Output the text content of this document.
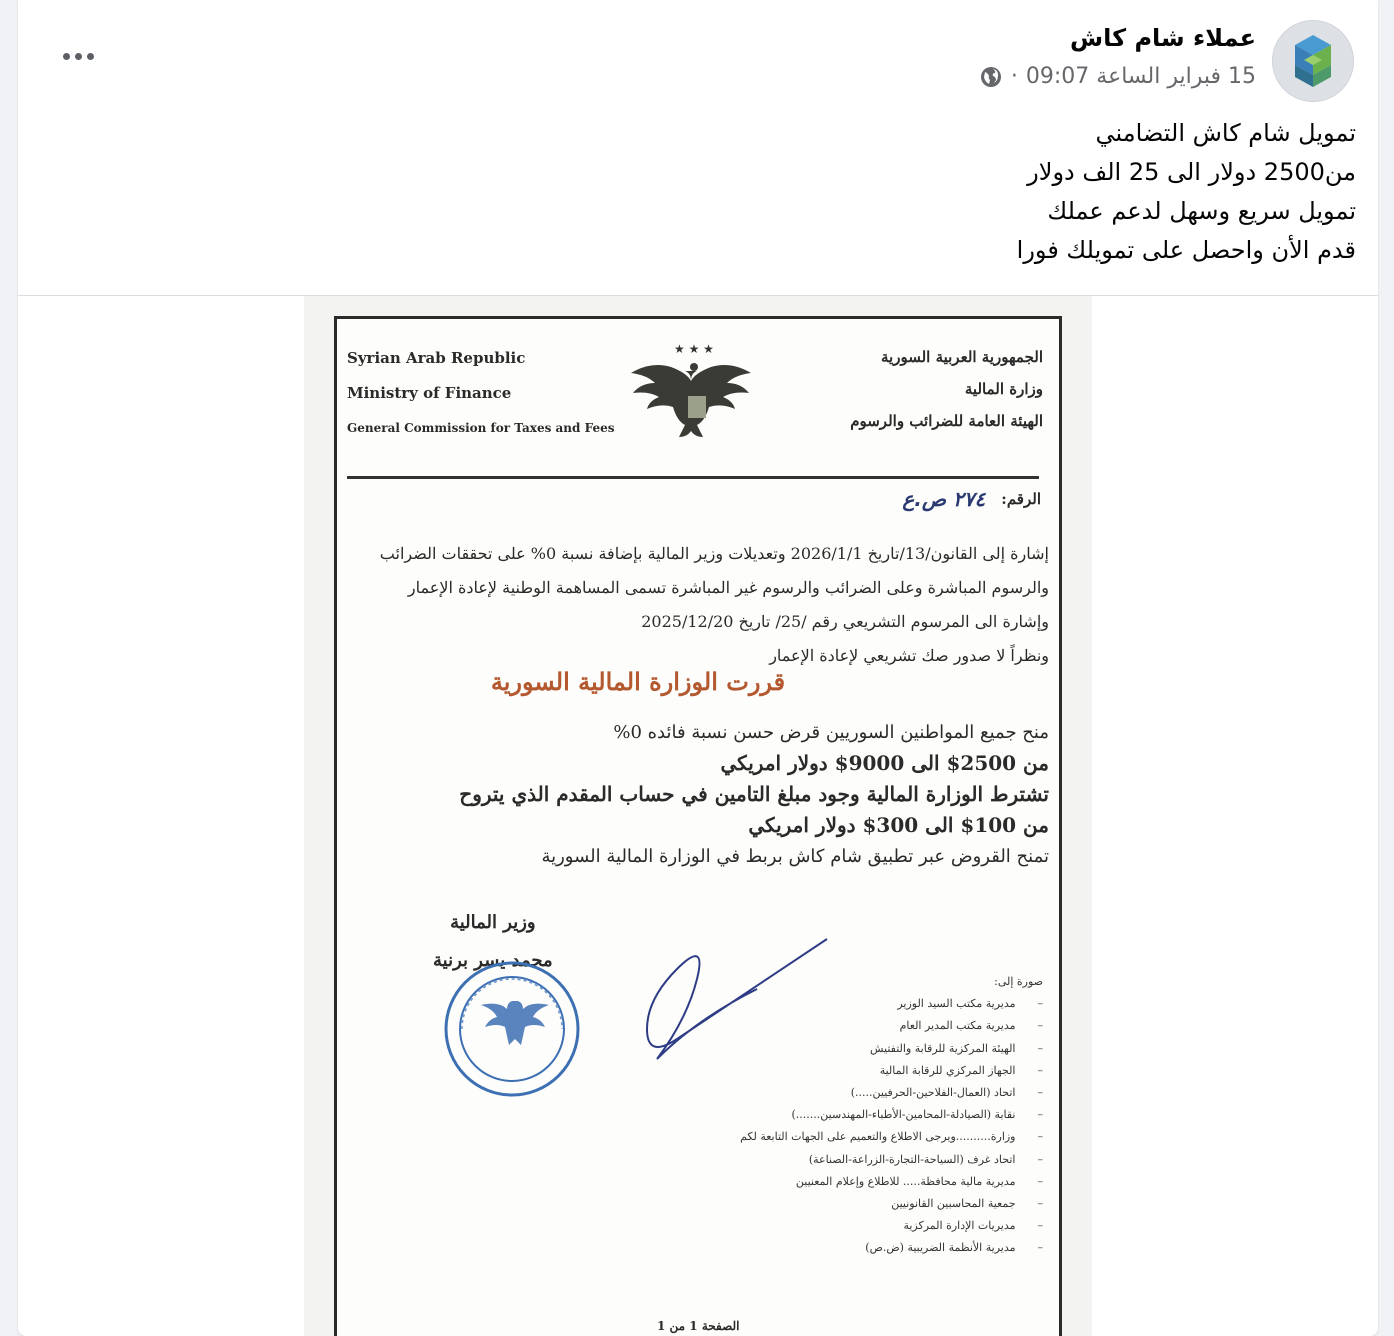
عملاء شام كاش
15 فبراير الساعة 09:07
·
تمويل شام كاش التضامني
من2500 دولار الى 25 الف دولار
تمويل سريع وسهل لدعم عملك
قدم الأن واحصل على تمويلك فورا
Syrian Arab Republic
Ministry of Finance
General Commission for Taxes and Fees
★ ★ ★	الجمهورية العربية السورية
وزارة المالية
الهيئة العامة للضرائب والرسوم
الرقم:
٢٧٤ ص.ع
إشارة إلى القانون/13/تاريخ 2026/1/1 وتعديلات وزير المالية بإضافة نسبة 0% على تحققات الضرائب
والرسوم المباشرة وعلى الضرائب والرسوم غير المباشرة تسمى المساهمة الوطنية لإعادة الإعمار
وإشارة الى المرسوم التشريعي رقم /25/ تاريخ 2025/12/20
ونظراً لا صدور صك تشريعي لإعادة الإعمار
قررت الوزارة المالية السورية
منح جميع المواطنين السوريين قرض حسن نسبة فائده 0%
من 2500$ الى 9000$ دولار امريكي
تشترط الوزارة المالية وجود مبلغ التامين في حساب المقدم الذي يتروح
من 100$ الى 300$ دولار امريكي
تمنح القروض عبر تطبيق شام كاش بربط في الوزارة المالية السورية
وزير المالية
محمد يسر برنية
صورة إلى:
– مديرية مكتب السيد الوزير
– مديرية مكتب المدير العام
– الهيئة المركزية للرقابة والتفتيش
– الجهاز المركزي للرقابة المالية
– اتحاد (العمال-الفلاحين-الحرفيين.....)
– نقابة (الصيادلة-المحامين-الأطباء-المهندسين.......)
– وزارة..........ويرجى الاطلاع والتعميم على الجهات التابعة لكم
– اتحاد غرف (السياحة-التجارة-الزراعة-الصناعة)
– مديرية مالية محافظة..... للاطلاع وإعلام المعنيين
– جمعية المحاسبين القانونيين
– مديريات الإدارة المركزية
– مديرية الأنظمة الضريبية (ض.ص)
الصفحة 1 من 1
